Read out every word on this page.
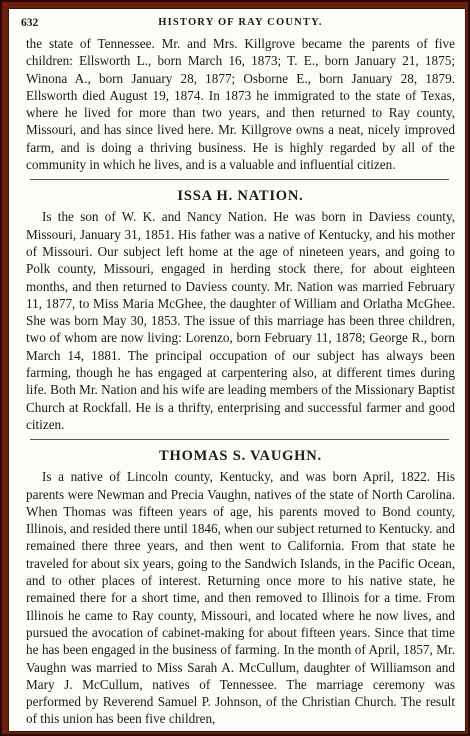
632	HISTORY OF RAY COUNTY.

the state of Tennessee. Mr. and Mrs. Killgrove became the parents of five children: Ellsworth L., born March 16, 1873; T. E., born January 21, 1875; Winona A., born January 28, 1877; Osborne E., born January 28, 1879. Ellsworth died August 19, 1874. In 1873 he immigrated to the state of Texas, where he lived for more than two years, and then returned to Ray county, Missouri, and has since lived here. Mr. Killgrove owns a neat, nicely improved farm, and is doing a thriving business. He is highly regarded by all of the community in which he lives, and is a valuable and influential citizen.

ISSA H. NATION.

Is the son of W. K. and Nancy Nation. He was born in Daviess county, Missouri, January 31, 1851. His father was a native of Kentucky, and his mother of Missouri. Our subject left home at the age of nineteen years, and going to Polk county, Missouri, engaged in herding stock there, for about eighteen months, and then returned to Daviess county. Mr. Nation was married February 11, 1877, to Miss Maria McGhee, the daughter of William and Orlatha McGhee. She was born May 30, 1853. The issue of this marriage has been three children, two of whom are now living: Lorenzo, born February 11, 1878; George R., born March 14, 1881. The principal occupation of our subject has always been farming, though he has engaged at carpentering also, at different times during life. Both Mr. Nation and his wife are leading members of the Missionary Baptist Church at Rockfall. He is a thrifty, enterprising and successful farmer and good citizen.

THOMAS S. VAUGHN.

Is a native of Lincoln county, Kentucky, and was born April, 1822. His parents were Newman and Precia Vaughn, natives of the state of North Carolina. When Thomas was fifteen years of age, his parents moved to Bond county, Illinois, and resided there until 1846, when our subject returned to Kentucky. and remained there three years, and then went to California. From that state he traveled for about six years, going to the Sandwich Islands, in the Pacific Ocean, and to other places of interest. Returning once more to his native state, he remained there for a short time, and then removed to Illinois for a time. From Illinois he came to Ray county, Missouri, and located where he now lives, and pursued the avocation of cabinet-making for about fifteen years. Since that time he has been engaged in the business of farming. In the month of April, 1857, Mr. Vaughn was married to Miss Sarah A. McCullum, daughter of Williamson and Mary J. McCullum, natives of Tennessee. The marriage ceremony was performed by Reverend Samuel P. Johnson, of the Christian Church. The result of this union has been five children,
